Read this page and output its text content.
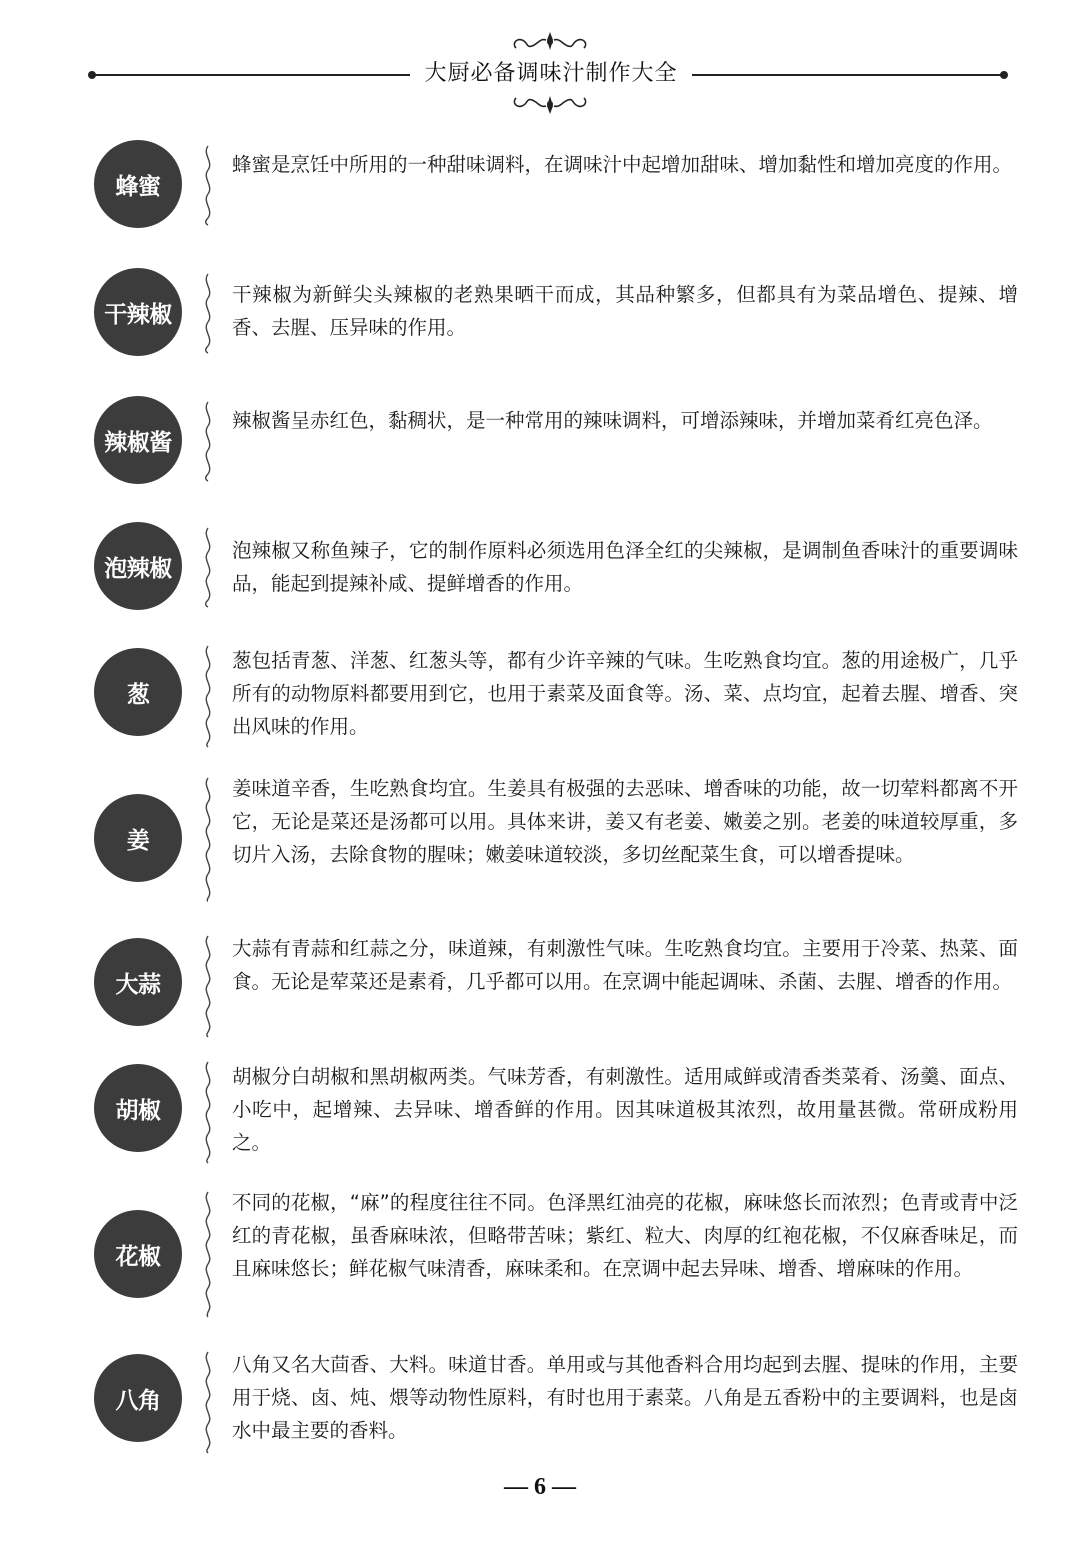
大厨必备调味汁制作大全
蜂蜜
蜂蜜是烹饪中所用的一种甜味调料，在调味汁中起增加甜味、增加黏性和增加亮度的作用。
干辣椒
干辣椒为新鲜尖头辣椒的老熟果晒干而成，其品种繁多，但都具有为菜品增色、提辣、增香、去腥、压异味的作用。
辣椒酱
辣椒酱呈赤红色，黏稠状，是一种常用的辣味调料，可增添辣味，并增加菜肴红亮色泽。
泡辣椒
泡辣椒又称鱼辣子，它的制作原料必须选用色泽全红的尖辣椒，是调制鱼香味汁的重要调味品，能起到提辣补咸、提鲜增香的作用。
葱
葱包括青葱、洋葱、红葱头等，都有少许辛辣的气味。生吃熟食均宜。葱的用途极广，几乎所有的动物原料都要用到它，也用于素菜及面食等。汤、菜、点均宜，起着去腥、增香、突出风味的作用。
姜
姜味道辛香，生吃熟食均宜。生姜具有极强的去恶味、增香味的功能，故一切荤料都离不开它，无论是菜还是汤都可以用。具体来讲，姜又有老姜、嫩姜之别。老姜的味道较厚重，多切片入汤，去除食物的腥味；嫩姜味道较淡，多切丝配菜生食，可以增香提味。
大蒜
大蒜有青蒜和红蒜之分，味道辣，有刺激性气味。生吃熟食均宜。主要用于冷菜、热菜、面食。无论是荤菜还是素肴，几乎都可以用。在烹调中能起调味、杀菌、去腥、增香的作用。
胡椒
胡椒分白胡椒和黑胡椒两类。气味芳香，有刺激性。适用咸鲜或清香类菜肴、汤羹、面点、小吃中，起增辣、去异味、增香鲜的作用。因其味道极其浓烈，故用量甚微。常研成粉用之。
花椒
不同的花椒，“麻”的程度往往不同。色泽黑红油亮的花椒，麻味悠长而浓烈；色青或青中泛红的青花椒，虽香麻味浓，但略带苦味；紫红、粒大、肉厚的红袍花椒，不仅麻香味足，而且麻味悠长；鲜花椒气味清香，麻味柔和。在烹调中起去异味、增香、增麻味的作用。
八角
八角又名大茴香、大料。味道甘香。单用或与其他香料合用均起到去腥、提味的作用，主要用于烧、卤、炖、煨等动物性原料，有时也用于素菜。八角是五香粉中的主要调料，也是卤水中最主要的香料。
— 6 —
